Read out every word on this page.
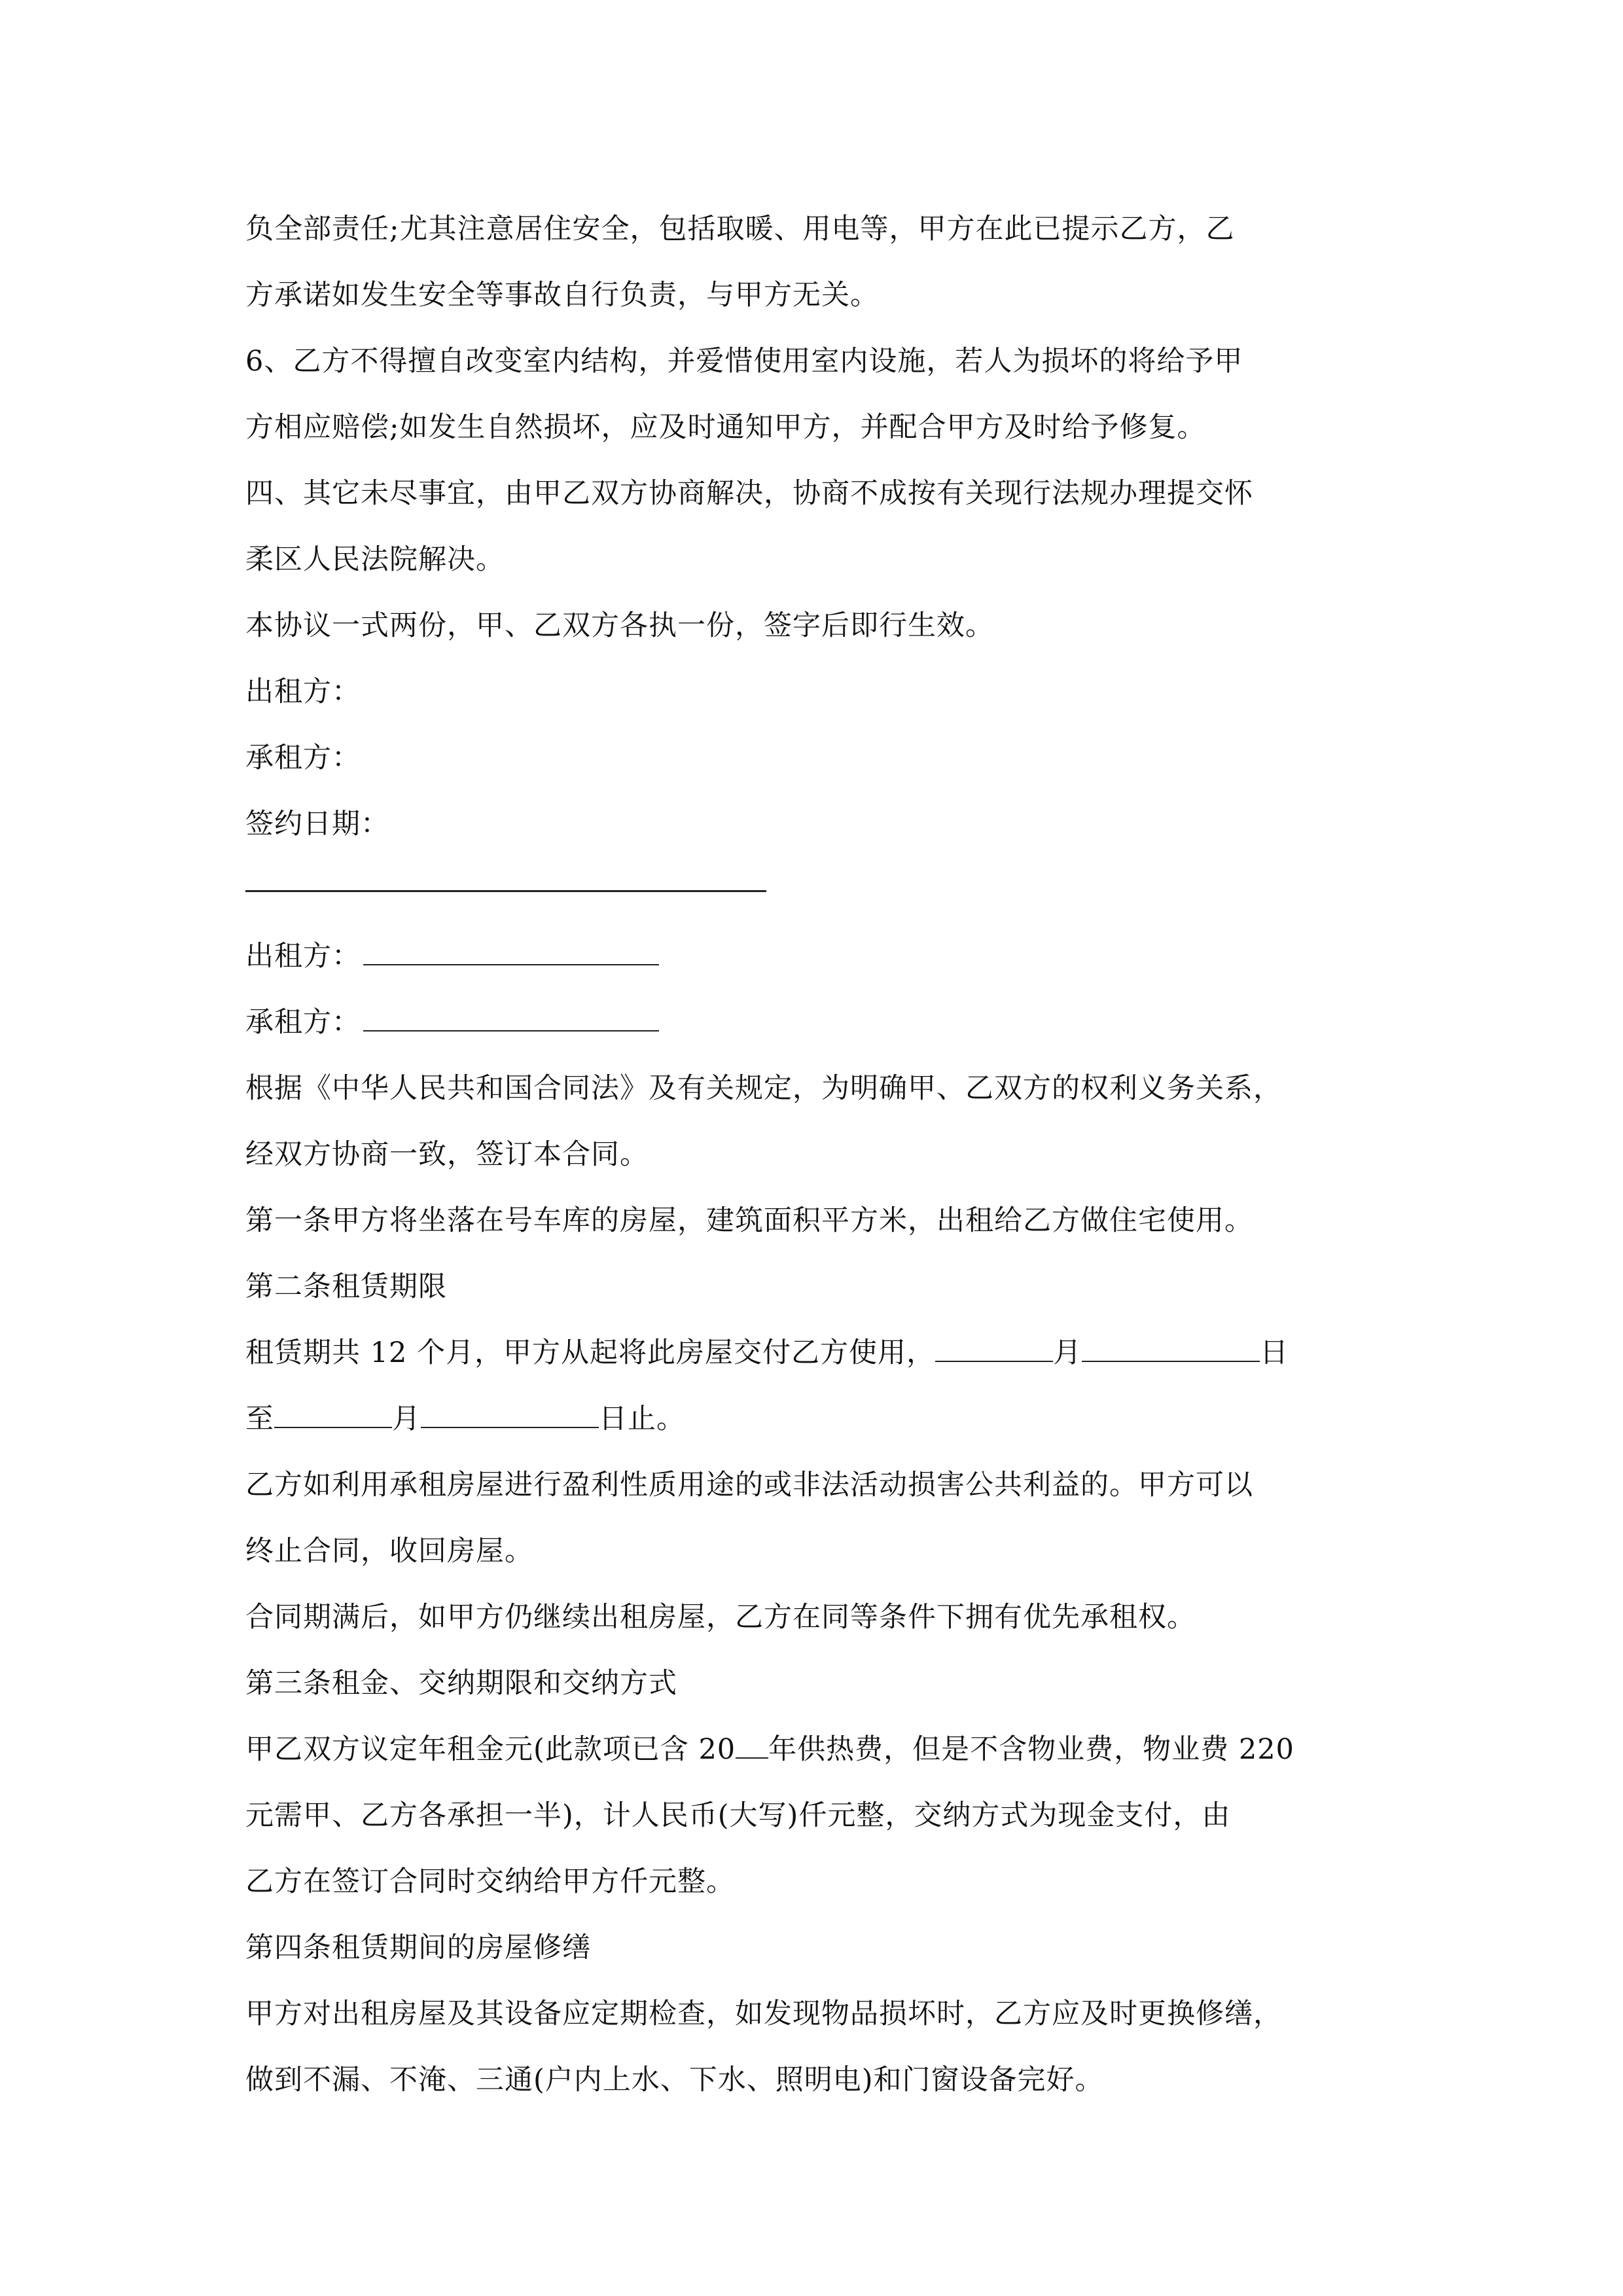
负全部责任;尤其注意居住安全，包括取暖、用电等，甲方在此已提示乙方，乙
方承诺如发生安全等事故自行负责，与甲方无关。
6、乙方不得擅自改变室内结构，并爱惜使用室内设施，若人为损坏的将给予甲
方相应赔偿;如发生自然损坏，应及时通知甲方，并配合甲方及时给予修复。
四、其它未尽事宜，由甲乙双方协商解决，协商不成按有关现行法规办理提交怀
柔区人民法院解决。
本协议一式两份，甲、乙双方各执一份，签字后即行生效。
出租方：
承租方：
签约日期：
出租方：
承租方：
根据《中华人民共和国合同法》及有关规定，为明确甲、乙双方的权利义务关系，
经双方协商一致，签订本合同。
第一条甲方将坐落在号车库的房屋，建筑面积平方米，出租给乙方做住宅使用。
第二条租赁期限
租赁期共 12 个月，甲方从起将此房屋交付乙方使用，	月	日
至	月	日止。
乙方如利用承租房屋进行盈利性质用途的或非法活动损害公共利益的。甲方可以
终止合同，收回房屋。
合同期满后，如甲方仍继续出租房屋，乙方在同等条件下拥有优先承租权。
第三条租金、交纳期限和交纳方式
甲乙双方议定年租金元(此款项已含 20 年供热费，但是不含物业费，物业费 220
元需甲、乙方各承担一半)，计人民币(大写)仟元整，交纳方式为现金支付，由
乙方在签订合同时交纳给甲方仟元整。
第四条租赁期间的房屋修缮
甲方对出租房屋及其设备应定期检查，如发现物品损坏时，乙方应及时更换修缮，
做到不漏、不淹、三通(户内上水、下水、照明电)和门窗设备完好。
